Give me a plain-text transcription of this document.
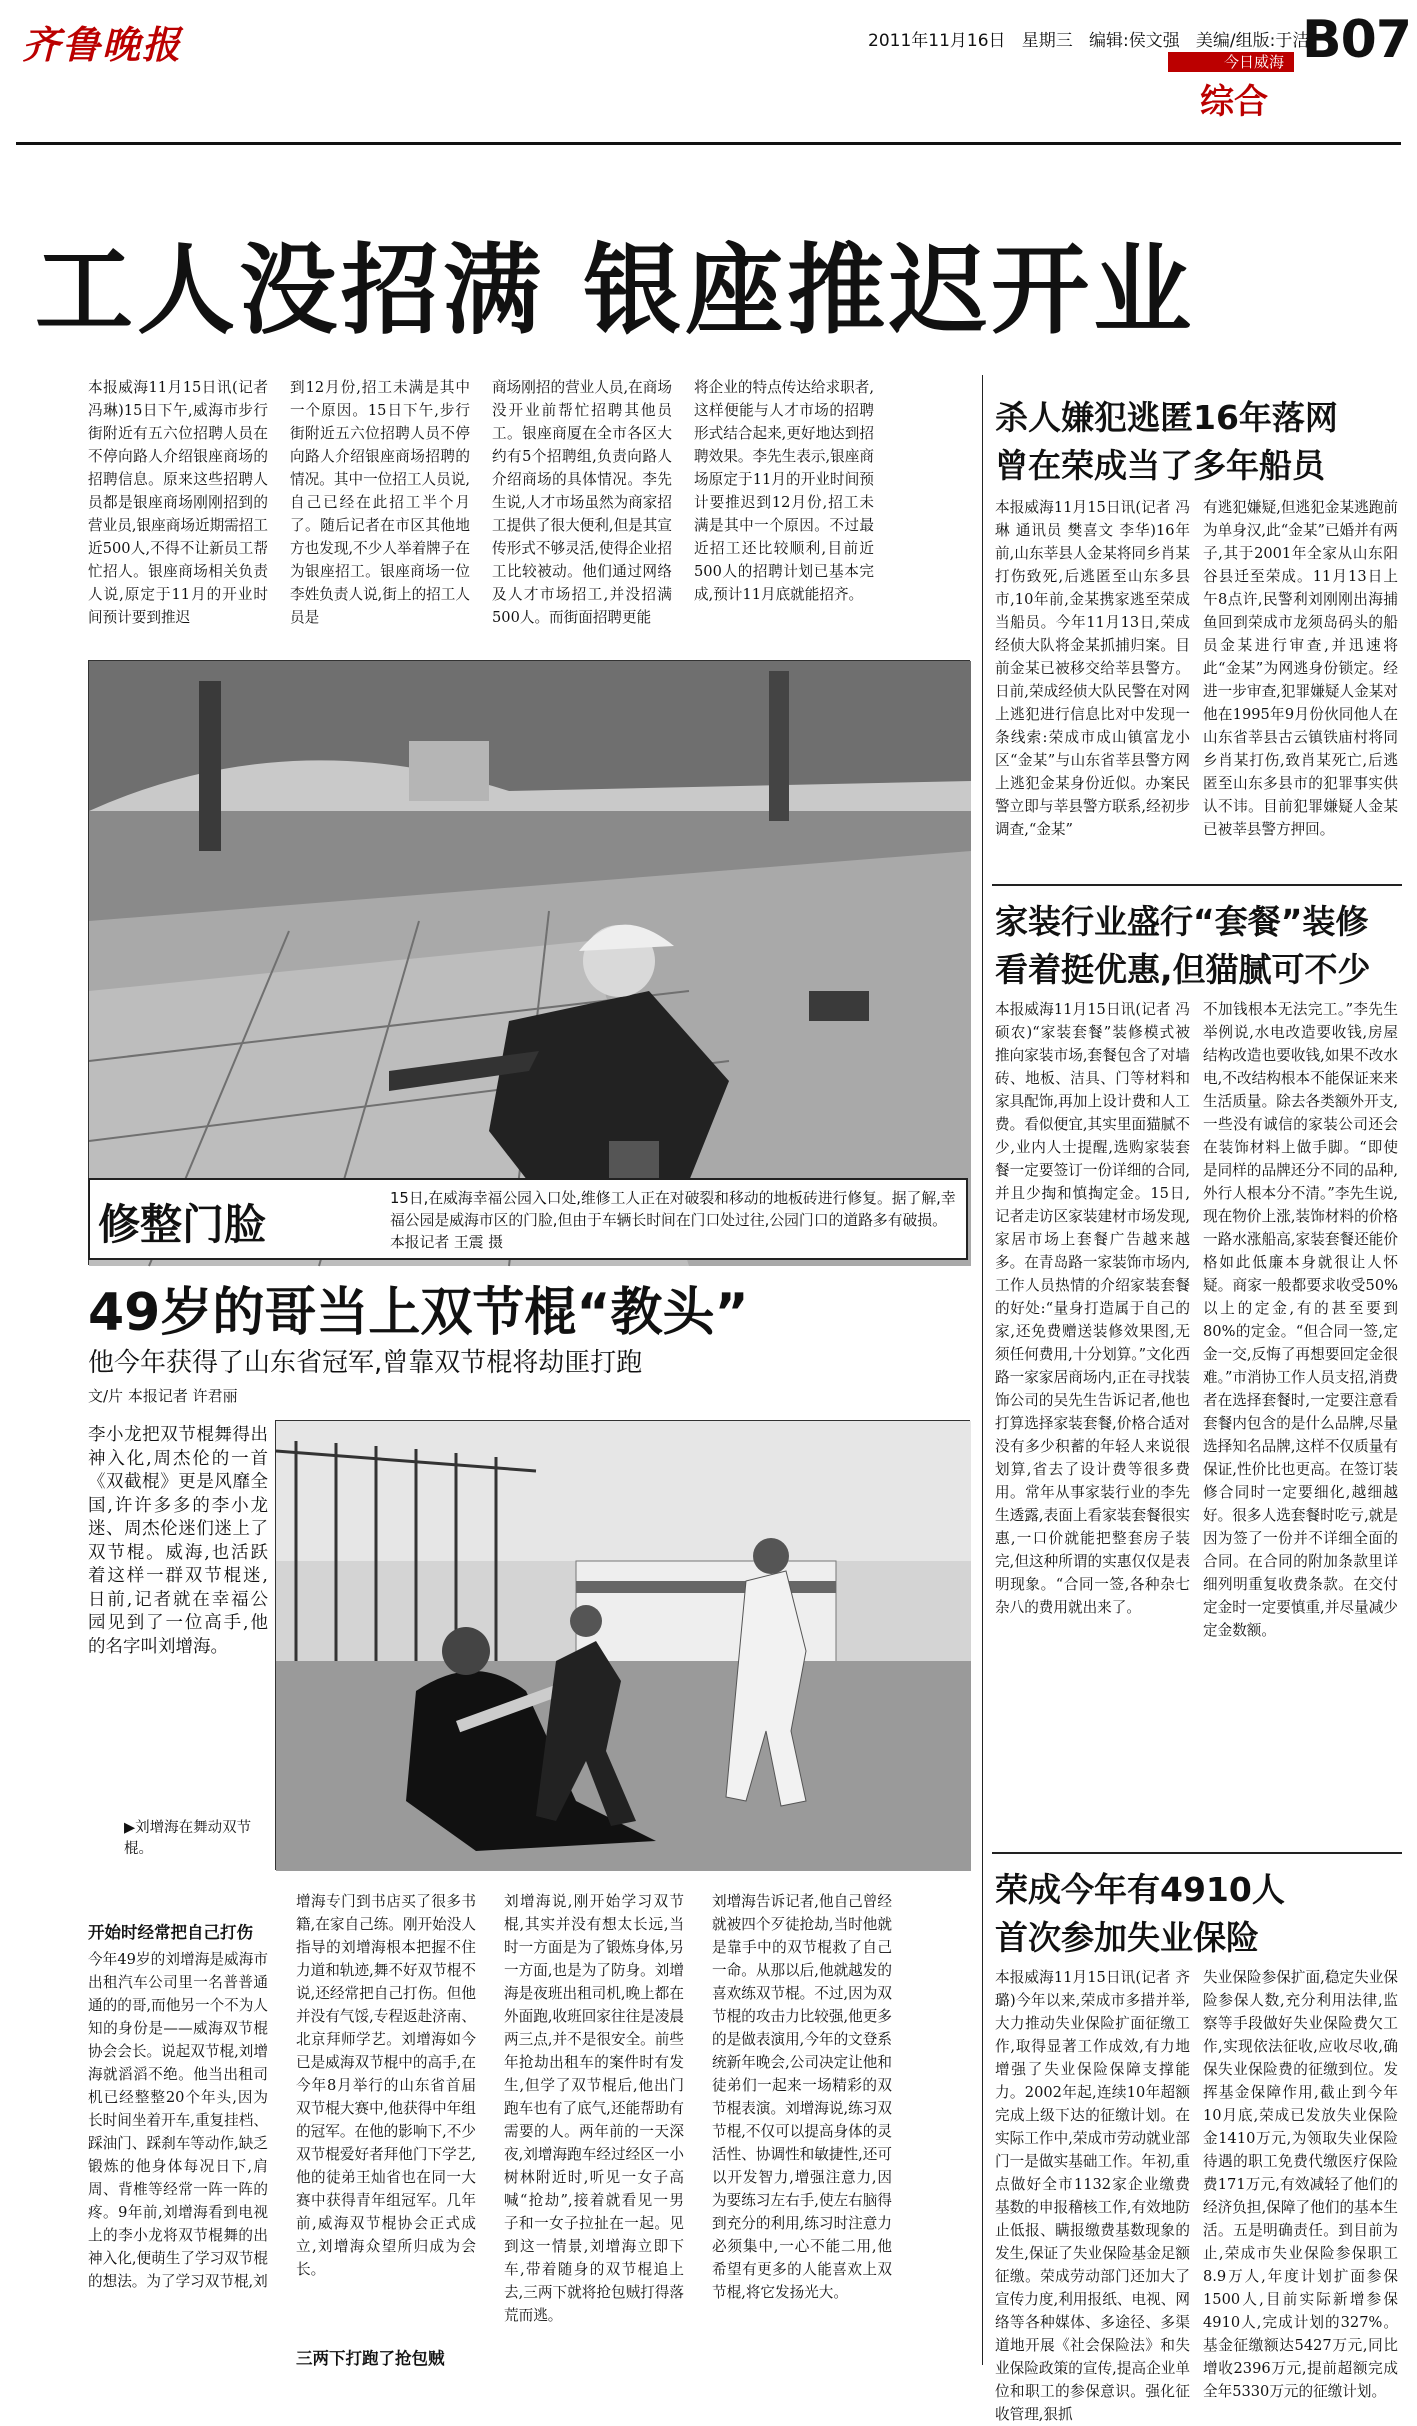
齐鲁晚报	2011年11月16日 星期三 编辑:侯文强 美编/组版:于洁
今日威海
综合
B07
工人没招满 银座推迟开业
本报威海11月15日讯(记者 冯琳)15日下午,威海市步行街附近有五六位招聘人员在不停向路人介绍银座商场的招聘信息。原来这些招聘人员都是银座商场刚刚招到的营业员,银座商场近期需招工近500人,不得不让新员工帮忙招人。银座商场相关负责人说,原定于11月的开业时间预计要到推迟
到12月份,招工未满是其中一个原因。15日下午,步行街附近五六位招聘人员不停向路人介绍银座商场招聘的情况。其中一位招工人员说,自己已经在此招工半个月了。随后记者在市区其他地方也发现,不少人举着牌子在为银座招工。银座商场一位李姓负责人说,街上的招工人员是
商场刚招的营业人员,在商场没开业前帮忙招聘其他员工。银座商厦在全市各区大约有5个招聘组,负责向路人介绍商场的具体情况。李先生说,人才市场虽然为商家招工提供了很大便利,但是其宣传形式不够灵活,使得企业招工比较被动。他们通过网络及人才市场招工,并没招满500人。而街面招聘更能
将企业的特点传达给求职者,这样便能与人才市场的招聘形式结合起来,更好地达到招聘效果。李先生表示,银座商场原定于11月的开业时间预计要推迟到12月份,招工未满是其中一个原因。不过最近招工还比较顺利,目前近500人的招聘计划已基本完成,预计11月底就能招齐。
修整门脸
15日,在威海幸福公园入口处,维修工人正在对破裂和移动的地板砖进行修复。据了解,幸福公园是威海市区的门脸,但由于车辆长时间在门口处过往,公园门口的道路多有破损。 本报记者 王震 摄
49岁的哥当上双节棍“教头”
他今年获得了山东省冠军,曾靠双节棍将劫匪打跑
文/片 本报记者 许君丽
李小龙把双节棍舞得出神入化,周杰伦的一首《双截棍》更是风靡全国,许许多多的李小龙迷、周杰伦迷们迷上了双节棍。威海,也活跃着这样一群双节棍迷,日前,记者就在幸福公园见到了一位高手,他的名字叫刘增海。
▶刘增海在舞动双节棍。
开始时经常把自己打伤
今年49岁的刘增海是威海市出租汽车公司里一名普普通通的的哥,而他另一个不为人知的身份是——威海双节棍协会会长。说起双节棍,刘增海就滔滔不绝。他当出租司机已经整整20个年头,因为长时间坐着开车,重复挂档、踩油门、踩刹车等动作,缺乏锻炼的他身体每况日下,肩周、背椎等经常一阵一阵的疼。9年前,刘增海看到电视上的李小龙将双节棍舞的出神入化,便萌生了学习双节棍的想法。为了学习双节棍,刘
增海专门到书店买了很多书籍,在家自己练。刚开始没人指导的刘增海根本把握不住力道和轨迹,舞不好双节棍不说,还经常把自己打伤。但他并没有气馁,专程返赴济南、北京拜师学艺。刘增海如今已是威海双节棍中的高手,在今年8月举行的山东省首届双节棍大赛中,他获得中年组的冠军。在他的影响下,不少双节棍爱好者拜他门下学艺,他的徒弟王灿省也在同一大赛中获得青年组冠军。几年前,威海双节棍协会正式成立,刘增海众望所归成为会长。
三两下打跑了抢包贼
刘增海说,刚开始学习双节棍,其实并没有想太长远,当时一方面是为了锻炼身体,另一方面,也是为了防身。刘增海是夜班出租司机,晚上都在外面跑,收班回家往往是凌晨两三点,并不是很安全。前些年抢劫出租车的案件时有发生,但学了双节棍后,他出门跑车也有了底气,还能帮助有需要的人。两年前的一天深夜,刘增海跑车经过经区一小树林附近时,听见一女子高喊“抢劫”,接着就看见一男子和一女子拉扯在一起。见到这一情景,刘增海立即下车,带着随身的双节棍追上去,三两下就将抢包贼打得落荒而逃。
刘增海告诉记者,他自己曾经就被四个歹徒抢劫,当时他就是靠手中的双节棍救了自己一命。从那以后,他就越发的喜欢练双节棍。不过,因为双节棍的攻击力比较强,他更多的是做表演用,今年的文登系统新年晚会,公司决定让他和徒弟们一起来一场精彩的双节棍表演。刘增海说,练习双节棍,不仅可以提高身体的灵活性、协调性和敏捷性,还可以开发智力,增强注意力,因为要练习左右手,使左右脑得到充分的利用,练习时注意力必须集中,一心不能二用,他希望有更多的人能喜欢上双节棍,将它发扬光大。
杀人嫌犯逃匿16年落网
曾在荣成当了多年船员
本报威海11月15日讯(记者 冯琳 通讯员 樊喜文 李华)16年前,山东莘县人金某将同乡肖某打伤致死,后逃匿至山东多县市,10年前,金某携家逃至荣成当船员。今年11月13日,荣成经侦大队将金某抓捕归案。目前金某已被移交给莘县警方。日前,荣成经侦大队民警在对网上逃犯进行信息比对中发现一条线索:荣成市成山镇富龙小区“金某”与山东省莘县警方网上逃犯金某身份近似。办案民警立即与莘县警方联系,经初步调查,“金某”
有逃犯嫌疑,但逃犯金某逃跑前为单身汉,此“金某”已婚并有两子,其于2001年全家从山东阳谷县迁至荣成。11月13日上午8点许,民警利刘刚刚出海捕鱼回到荣成市龙须岛码头的船员金某进行审查,并迅速将此“金某”为网逃身份锁定。经进一步审查,犯罪嫌疑人金某对他在1995年9月份伙同他人在山东省莘县古云镇铁庙村将同乡肖某打伤,致肖某死亡,后逃匿至山东多县市的犯罪事实供认不讳。目前犯罪嫌疑人金某已被莘县警方押回。
家装行业盛行“套餐”装修
看着挺优惠,但猫腻可不少
本报威海11月15日讯(记者 冯硕农)“家装套餐”装修模式被推向家装市场,套餐包含了对墙砖、地板、洁具、门等材料和家具配饰,再加上设计费和人工费。看似便宜,其实里面猫腻不少,业内人士提醒,选购家装套餐一定要签订一份详细的合同,并且少掏和慎掏定金。15日,记者走访区家装建材市场发现,家居市场上套餐广告越来越多。在青岛路一家装饰市场内,工作人员热情的介绍家装套餐的好处:“量身打造属于自己的家,还免费赠送装修效果图,无须任何费用,十分划算。”文化西路一家家居商场内,正在寻找装饰公司的吴先生告诉记者,他也打算选择家装套餐,价格合适对没有多少积蓄的年轻人来说很划算,省去了设计费等很多费用。常年从事家装行业的李先生透露,表面上看家装套餐很实惠,一口价就能把整套房子装完,但这种所谓的实惠仅仅是表明现象。“合同一签,各种杂七杂八的费用就出来了。
不加钱根本无法完工。”李先生举例说,水电改造要收钱,房屋结构改造也要收钱,如果不改水电,不改结构根本不能保证来来生活质量。除去各类额外开支,一些没有诚信的家装公司还会在装饰材料上做手脚。“即使是同样的品牌还分不同的品种,外行人根本分不清。”李先生说,现在物价上涨,装饰材料的价格一路水涨船高,家装套餐还能价格如此低廉本身就很让人怀疑。商家一般都要求收受50%以上的定金,有的甚至要到80%的定金。“但合同一签,定金一交,反悔了再想要回定金很难。”市消协工作人员支招,消费者在选择套餐时,一定要注意看套餐内包含的是什么品牌,尽量选择知名品牌,这样不仅质量有保证,性价比也更高。在签订装修合同时一定要细化,越细越好。很多人选套餐时吃亏,就是因为签了一份并不详细全面的合同。在合同的附加条款里详细列明重复收费条款。在交付定金时一定要慎重,并尽量减少定金数额。
荣成今年有4910人
首次参加失业保险
本报威海11月15日讯(记者 齐璐)今年以来,荣成市多措并举,大力推动失业保险扩面征缴工作,取得显著工作成效,有力地增强了失业保险保障支撑能力。2002年起,连续10年超额完成上级下达的征缴计划。在实际工作中,荣成市劳动就业部门一是做实基础工作。年初,重点做好全市1132家企业缴费基数的申报稽核工作,有效地防止低报、瞒报缴费基数现象的发生,保证了失业保险基金足额征缴。荣成劳动部门还加大了宣传力度,利用报纸、电视、网络等各种媒体、多途径、多渠道地开展《社会保险法》和失业保险政策的宣传,提高企业单位和职工的参保意识。强化征收管理,狠抓
失业保险参保扩面,稳定失业保险参保人数,充分利用法律,监察等手段做好失业保险费欠工作,实现依法征收,应收尽收,确保失业保险费的征缴到位。发挥基金保障作用,截止到今年10月底,荣成已发放失业保险金1410万元,为领取失业保险待遇的职工免费代缴医疗保险费171万元,有效减轻了他们的经济负担,保障了他们的基本生活。五是明确责任。到目前为止,荣成市失业保险参保职工8.9万人,年度计划扩面参保1500人,目前实际新增参保4910人,完成计划的327%。基金征缴额达5427万元,同比增收2396万元,提前超额完成全年5330万元的征缴计划。
